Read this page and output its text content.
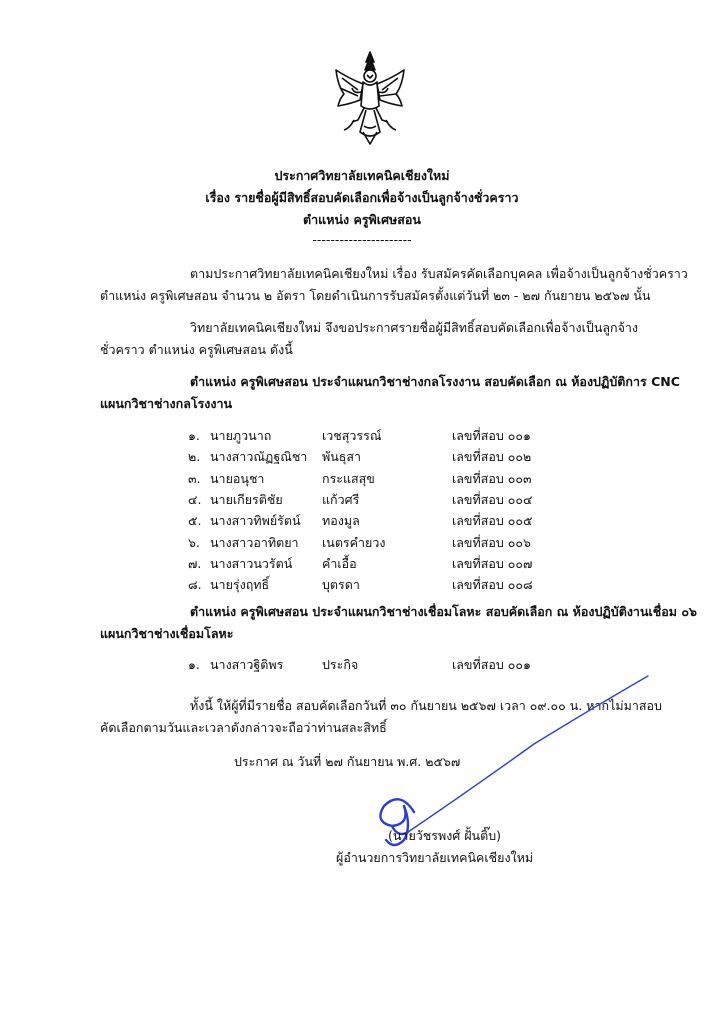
ประกาศวิทยาลัยเทคนิคเชียงใหม่
เรื่อง รายชื่อผู้มีสิทธิ์สอบคัดเลือกเพื่อจ้างเป็นลูกจ้างชั่วคราว
ตำแหน่ง ครูพิเศษสอน
----------------------
ตามประกาศวิทยาลัยเทคนิคเชียงใหม่ เรื่อง รับสมัครคัดเลือกบุคคล เพื่อจ้างเป็นลูกจ้างชั่วคราว
ตำแหน่ง ครูพิเศษสอน จำนวน ๒ อัตรา โดยดำเนินการรับสมัครตั้งแต่วันที่ ๒๓ - ๒๗ กันยายน ๒๕๖๗ นั้น
วิทยาลัยเทคนิคเชียงใหม่ จึงขอประกาศรายชื่อผู้มีสิทธิ์สอบคัดเลือกเพื่อจ้างเป็นลูกจ้าง
ชั่วคราว ตำแหน่ง ครูพิเศษสอน ดังนี้
ตำแหน่ง ครูพิเศษสอน ประจำแผนกวิชาช่างกลโรงงาน สอบคัดเลือก ณ ห้องปฏิบัติการ CNC
แผนกวิชาช่างกลโรงงาน
๑. นายภูวนาถ	เวชสุวรรณ์	เลขที่สอบ ๐๐๑
๒. นางสาวณัฏฐณิชา พันธุสา	เลขที่สอบ ๐๐๒
๓. นายอนุชา	กระแสสุข	เลขที่สอบ ๐๐๓
๔. นายเกียรติชัย	แก้วศรี	เลขที่สอบ ๐๐๔
๕. นางสาวทิพย์รัตน์ ทองมูล	เลขที่สอบ ๐๐๕
๖. นางสาวอาทิตยา เนตรคำยวง	เลขที่สอบ ๐๐๖
๗. นางสาวนวรัตน์ คำเอื้อ	เลขที่สอบ ๐๐๗
๘. นายรุ่งฤทธิ์	บุตรดา	เลขที่สอบ ๐๐๘
ตำแหน่ง ครูพิเศษสอน ประจำแผนกวิชาช่างเชื่อมโลหะ สอบคัดเลือก ณ ห้องปฏิบัติงานเชื่อม ๐๖
แผนกวิชาช่างเชื่อมโลหะ
๑. นางสาวฐิติพร	ประกิจ	เลขที่สอบ ๐๐๑
ทั้งนี้ ให้ผู้ที่มีรายชื่อ สอบคัดเลือกวันที่ ๓๐ กันยายน ๒๕๖๗ เวลา ๐๙.๐๐ น. หากไม่มาสอบ
คัดเลือกตามวันและเวลาดังกล่าวจะถือว่าท่านสละสิทธิ์
ประกาศ ณ วันที่ ๒๗ กันยายน พ.ศ. ๒๕๖๗
(นายวัชรพงศ์ ฝั้นติ๊บ)
ผู้อำนวยการวิทยาลัยเทคนิคเชียงใหม่
